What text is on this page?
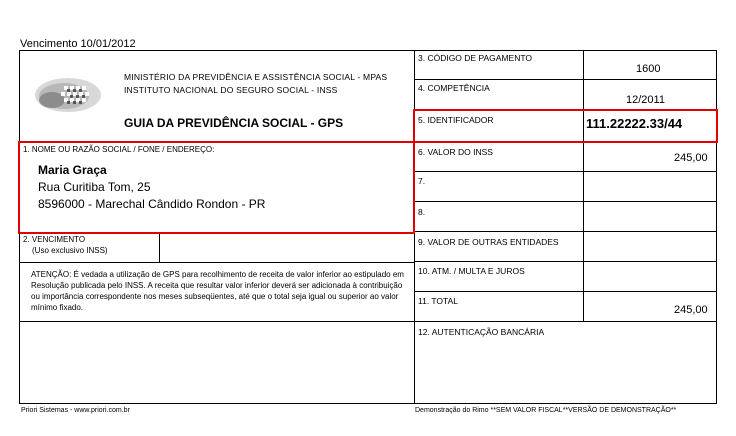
Vencimento 10/01/2012
MINISTÉRIO DA PREVIDÊNCIA E ASSISTÊNCIA SOCIAL - MPAS
INSTITUTO NACIONAL DO SEGURO SOCIAL - INSS
GUIA DA PREVIDÊNCIA SOCIAL - GPS
1. NOME OU RAZÃO SOCIAL / FONE / ENDEREÇO:
Maria Graça
Rua Curitiba Tom, 25
8596000 - Marechal Cândido Rondon - PR
2. VENCIMENTO
(Uso exclusivo INSS)
ATENÇÃO: É vedada a utilização de GPS para recolhimento de receita de valor inferior ao estipulado em Resolução publicada pelo INSS. A receita que resultar valor inferior deverá ser adicionada à contribuição ou importância correspondente nos meses subseqüentes, até que o total seja igual ou superior ao valor mínimo fixado.
3. CÓDIGO DE PAGAMENTO
1600
4. COMPETÊNCIA
12/2011
5. IDENTIFICADOR	111.22222.33/44
6. VALOR DO INSS	245,00
7.
8.
9. VALOR DE OUTRAS ENTIDADES
10. ATM. / MULTA E JUROS
11. TOTAL
245,00
12. AUTENTICAÇÃO BANCÁRIA
Priori Sistemas - www.priori.com.br	Demonstração do Rimo **SEM VALOR FISCAL**VERSÃO DE DEMONSTRAÇÃO**
